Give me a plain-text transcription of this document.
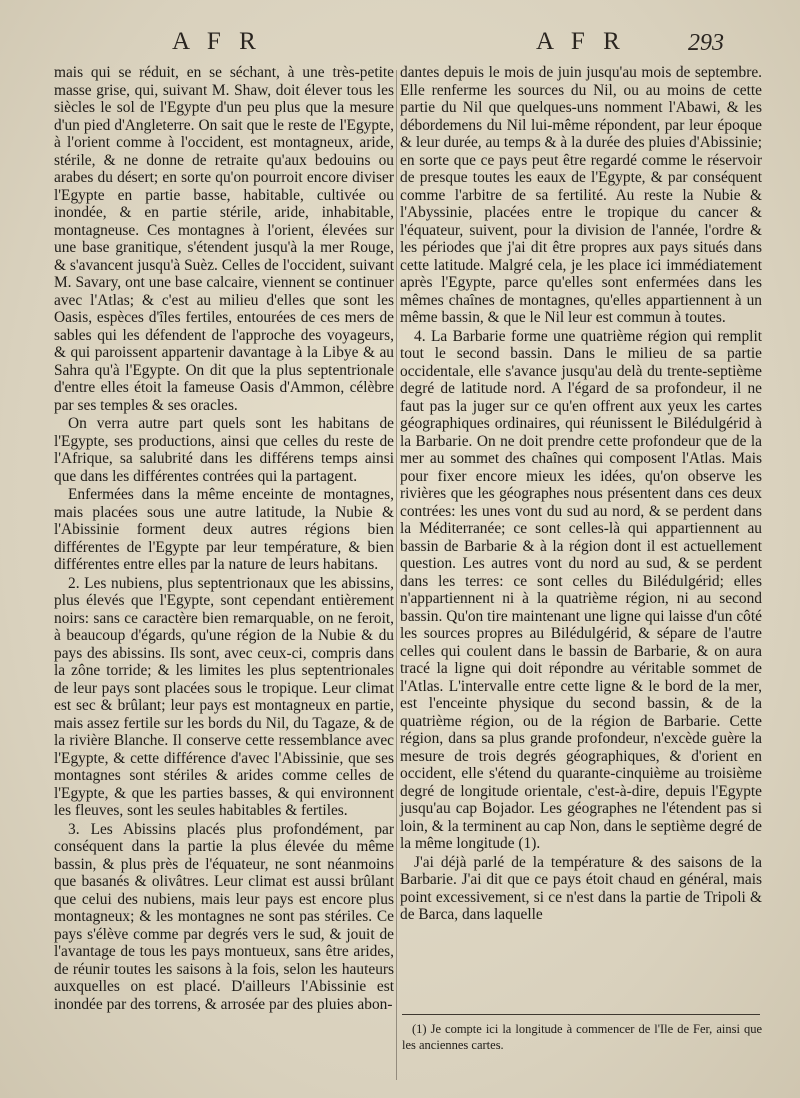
A F R	A F R	293

mais qui se réduit, en se séchant, à une très-petite masse grise, qui, suivant M. Shaw, doit élever tous les siècles le sol de l'Egypte d'un peu plus que la mesure d'un pied d'Angleterre. On sait que le reste de l'Egypte, à l'orient comme à l'occident, est montagneux, aride, stérile, & ne donne de retraite qu'aux bedouins ou arabes du désert; en sorte qu'on pourroit encore diviser l'Egypte en partie basse, habitable, cultivée ou inondée, & en partie stérile, aride, inhabitable, montagneuse. Ces montagnes à l'orient, élevées sur une base granitique, s'étendent jusqu'à la mer Rouge, & s'avancent jusqu'à Suèz. Celles de l'occident, suivant M. Savary, ont une base calcaire, viennent se continuer avec l'Atlas; & c'est au milieu d'elles que sont les Oasis, espèces d'îles fertiles, entourées de ces mers de sables qui les défendent de l'approche des voyageurs, & qui paroissent appartenir davantage à la Libye & au Sahra qu'à l'Egypte. On dit que la plus septentrionale d'entre elles étoit la fameuse Oasis d'Ammon, célèbre par ses temples & ses oracles.

On verra autre part quels sont les habitans de l'Egypte, ses productions, ainsi que celles du reste de l'Afrique, sa salubrité dans les différens temps ainsi que dans les différentes contrées qui la partagent.

Enfermées dans la même enceinte de montagnes, mais placées sous une autre latitude, la Nubie & l'Abissinie forment deux autres régions bien différentes de l'Egypte par leur température, & bien différentes entre elles par la nature de leurs habitans.

2. Les nubiens, plus septentrionaux que les abissins, plus élevés que l'Egypte, sont cependant entièrement noirs: sans ce caractère bien remarquable, on ne feroit, à beaucoup d'égards, qu'une région de la Nubie & du pays des abissins. Ils sont, avec ceux-ci, compris dans la zône torride; & les limites les plus septentrionales de leur pays sont placées sous le tropique. Leur climat est sec & brûlant; leur pays est montagneux en partie, mais assez fertile sur les bords du Nil, du Tagaze, & de la rivière Blanche. Il conserve cette ressemblance avec l'Egypte, & cette différence d'avec l'Abissinie, que ses montagnes sont stériles & arides comme celles de l'Egypte, & que les parties basses, & qui environnent les fleuves, sont les seules habitables & fertiles.

3. Les Abissins placés plus profondément, par conséquent dans la partie la plus élevée du même bassin, & plus près de l'équateur, ne sont néanmoins que basanés & olivâtres. Leur climat est aussi brûlant que celui des nubiens, mais leur pays est encore plus montagneux; & les montagnes ne sont pas stériles. Ce pays s'élève comme par degrés vers le sud, & jouit de l'avantage de tous les pays montueux, sans être arides, de réunir toutes les saisons à la fois, selon les hauteurs auxquelles on est placé. D'ailleurs l'Abissinie est inondée par des torrens, & arrosée par des pluies abon-

dantes depuis le mois de juin jusqu'au mois de septembre. Elle renferme les sources du Nil, ou au moins de cette partie du Nil que quelques-uns nomment l'Abawi, & les débordemens du Nil lui-même répondent, par leur époque & leur durée, au temps & à la durée des pluies d'Abissinie; en sorte que ce pays peut être regardé comme le réservoir de presque toutes les eaux de l'Egypte, & par conséquent comme l'arbitre de sa fertilité. Au reste la Nubie & l'Abyssinie, placées entre le tropique du cancer & l'équateur, suivent, pour la division de l'année, l'ordre & les périodes que j'ai dit être propres aux pays situés dans cette latitude. Malgré cela, je les place ici immédiatement après l'Egypte, parce qu'elles sont enfermées dans les mêmes chaînes de montagnes, qu'elles appartiennent à un même bassin, & que le Nil leur est commun à toutes.

4. La Barbarie forme une quatrième région qui remplit tout le second bassin. Dans le milieu de sa partie occidentale, elle s'avance jusqu'au delà du trente-septième degré de latitude nord. A l'égard de sa profondeur, il ne faut pas la juger sur ce qu'en offrent aux yeux les cartes géographiques ordinaires, qui réunissent le Bilédulgérid à la Barbarie. On ne doit prendre cette profondeur que de la mer au sommet des chaînes qui composent l'Atlas. Mais pour fixer encore mieux les idées, qu'on observe les rivières que les géographes nous présentent dans ces deux contrées: les unes vont du sud au nord, & se perdent dans la Méditerranée; ce sont celles-là qui appartiennent au bassin de Barbarie & à la région dont il est actuellement question. Les autres vont du nord au sud, & se perdent dans les terres: ce sont celles du Bilédulgérid; elles n'appartiennent ni à la quatrième région, ni au second bassin. Qu'on tire maintenant une ligne qui laisse d'un côté les sources propres au Bilédulgérid, & sépare de l'autre celles qui coulent dans le bassin de Barbarie, & on aura tracé la ligne qui doit répondre au véritable sommet de l'Atlas. L'intervalle entre cette ligne & le bord de la mer, est l'enceinte physique du second bassin, & de la quatrième région, ou de la région de Barbarie. Cette région, dans sa plus grande profondeur, n'excède guère la mesure de trois degrés géographiques, & d'orient en occident, elle s'étend du quarante-cinquième au troisième degré de longitude orientale, c'est-à-dire, depuis l'Egypte jusqu'au cap Bojador. Les géographes ne l'étendent pas si loin, & la terminent au cap Non, dans le septième degré de la même longitude (1).

J'ai déjà parlé de la température & des saisons de la Barbarie. J'ai dit que ce pays étoit chaud en général, mais point excessivement, si ce n'est dans la partie de Tripoli & de Barca, dans laquelle

(1) Je compte ici la longitude à commencer de l'Ile de Fer, ainsi que les anciennes cartes.
